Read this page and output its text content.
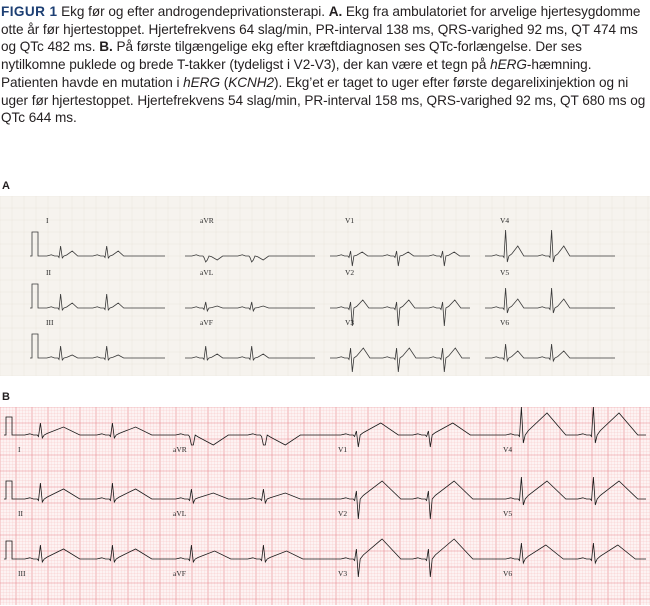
FIGUR 1 Ekg før og efter androgendeprivationsterapi. A. Ekg fra ambulatoriet for arvelige hjertesygdomme otte år før hjertestoppet. Hjertefrekvens 64 slag/min, PR-interval 138 ms, QRS-varighed 92 ms, QT 474 ms og QTc 482 ms. B. På første tilgængelige ekg efter kræftdiagnosen ses QTc-forlængelse. Der ses nytilkomne puklede og brede T-takker (tydeligst i V2-V3), der kan være et tegn på hERG-hæmning. Patienten havde en mutation i hERG (KCNH2). Ekg’et er taget to uger efter første degarelixinjektion og ni uger før hjertestoppet. Hjertefrekvens 54 slag/min, PR-interval 158 ms, QRS-varighed 92 ms, QT 680 ms og QTc 644 ms.
A
I	aVR	V1	V4
II	aVL	V2	V5
III	aVF	V3	V6
B
I	aVR	V1	V4
II	aVL	V2	V5
III	aVF	V3	V6
